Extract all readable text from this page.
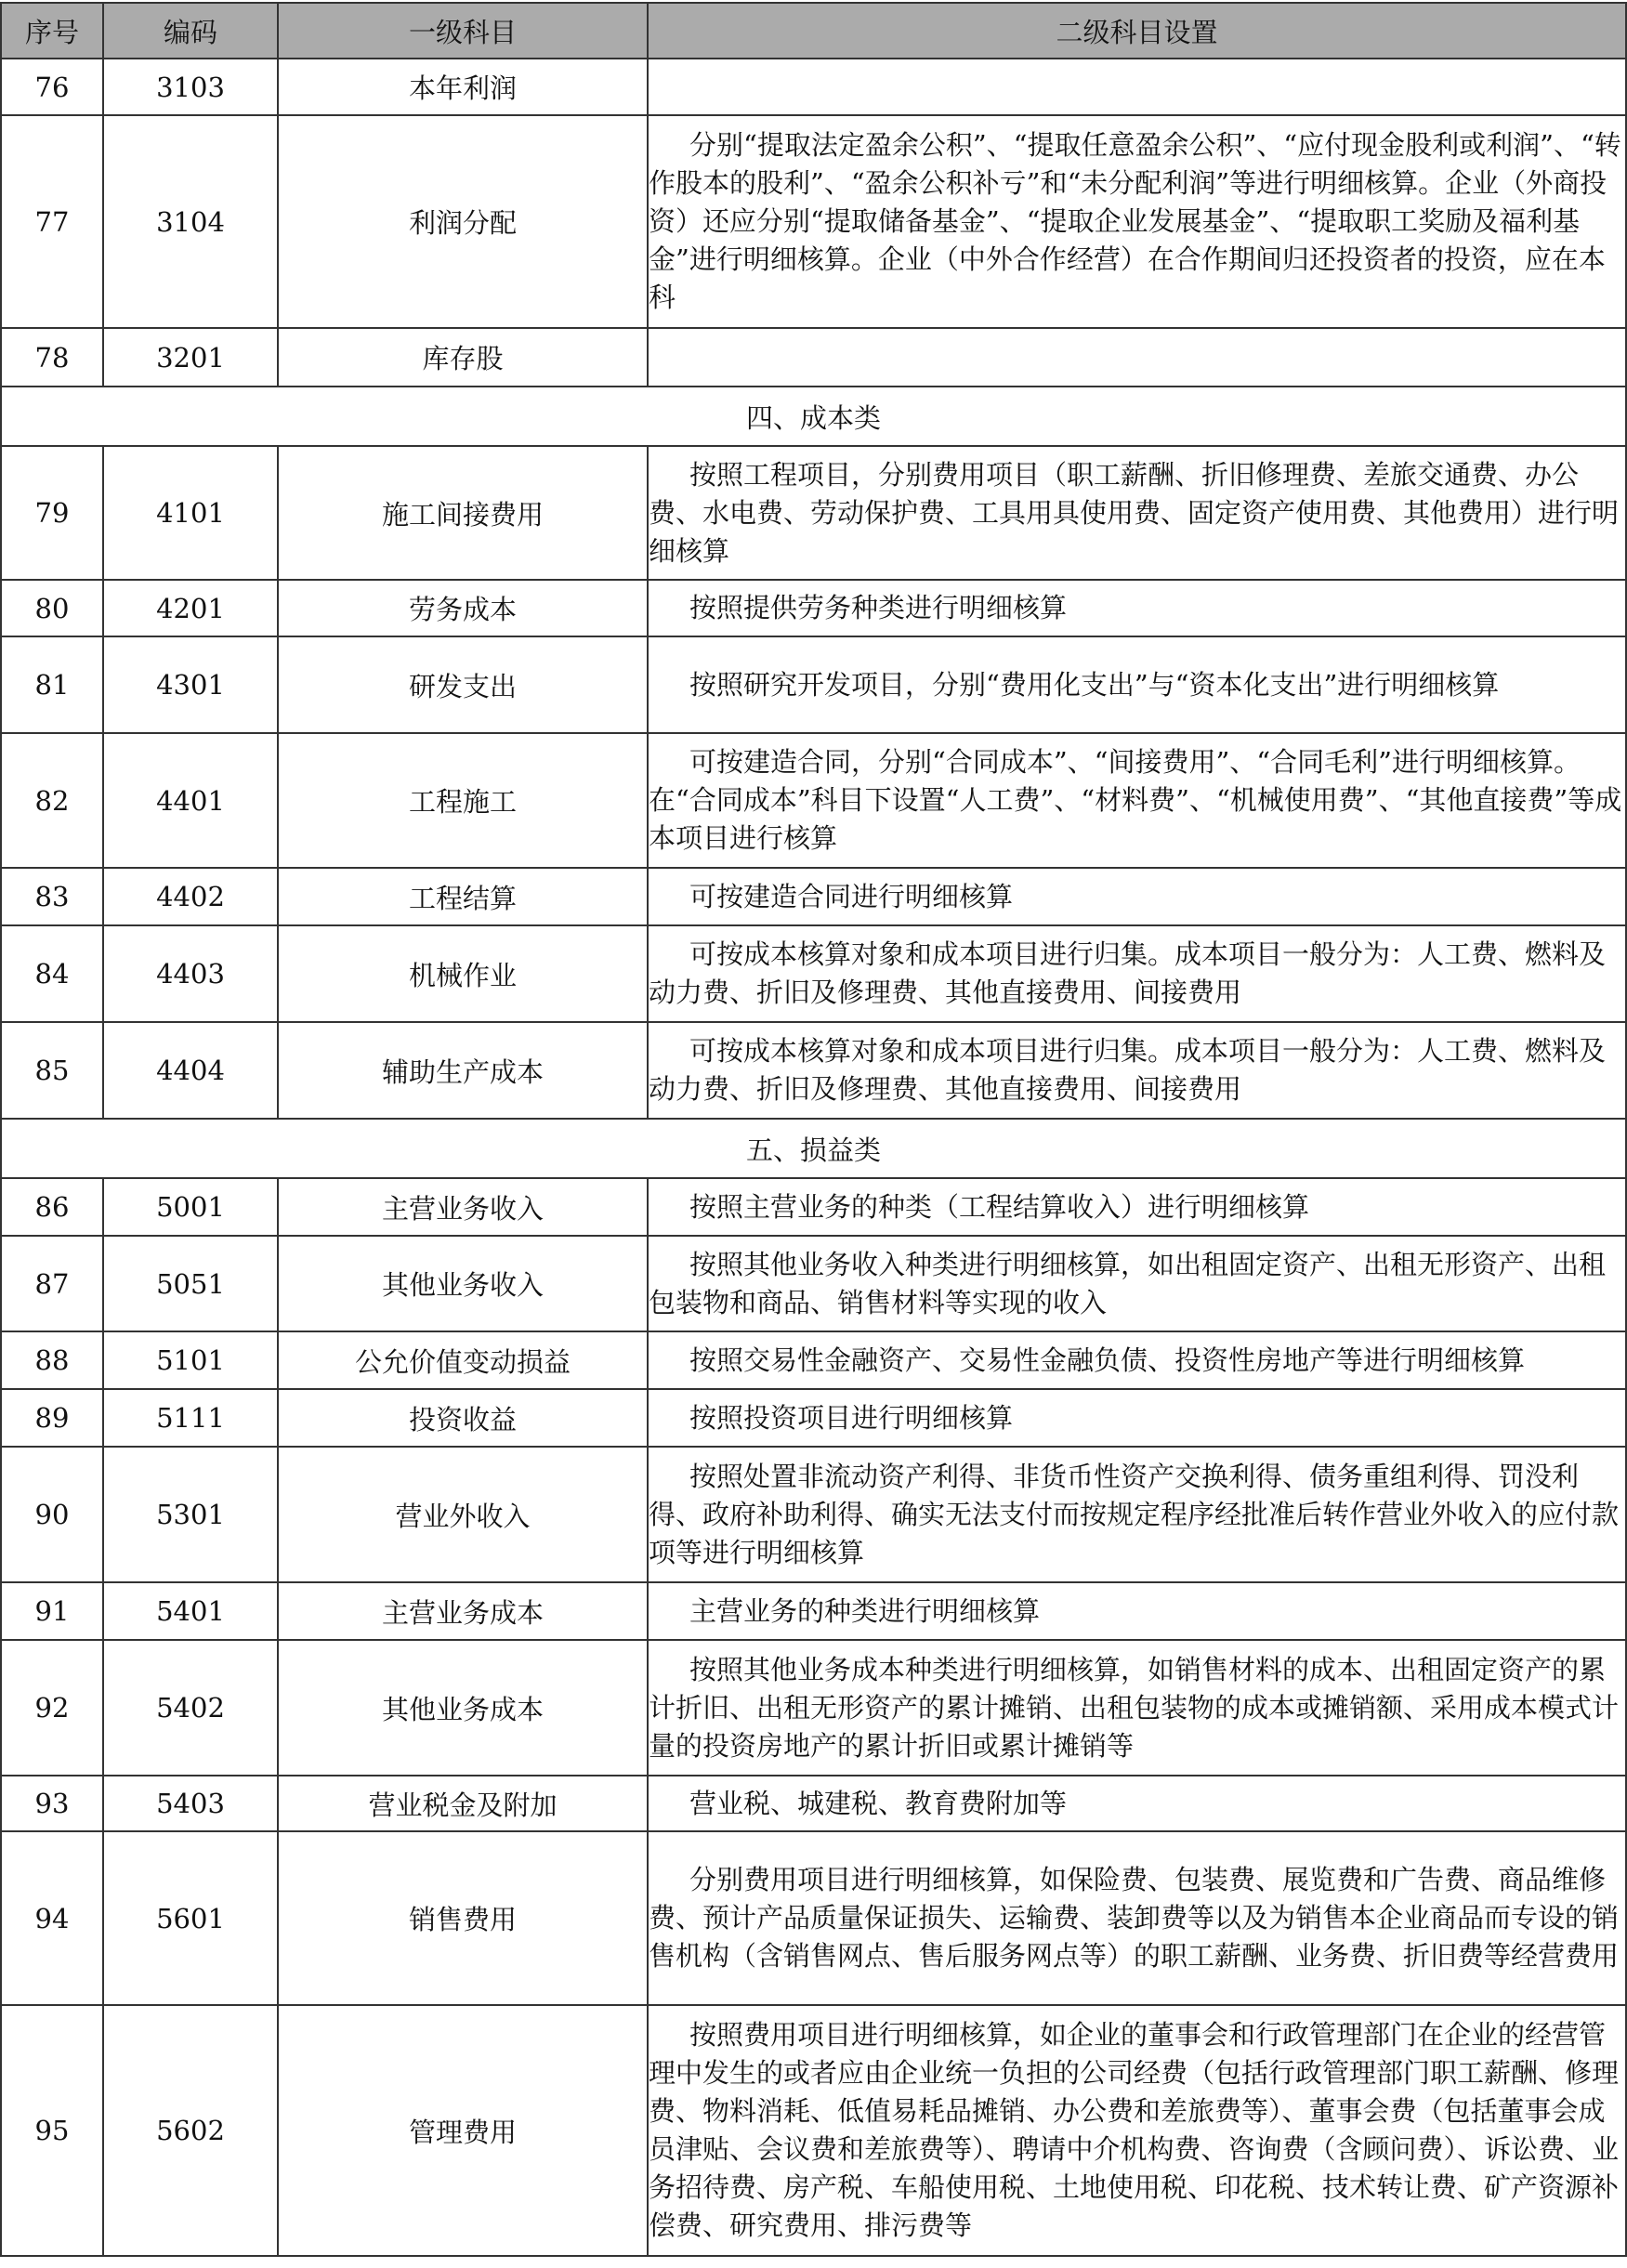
序号	编码	一级科目	二级科目设置
76	3103	本年利润	
77	3104	利润分配	分别“提取法定盈余公积”、“提取任意盈余公积”、“应付现金股利或利润”、“转作股本的股利”、“盈余公积补亏”和“未分配利润”等进行明细核算。企业（外商投资）还应分别“提取储备基金”、“提取企业发展基金”、“提取职工奖励及福利基金”进行明细核算。企业（中外合作经营）在合作期间归还投资者的投资，应在本科
78	3201	库存股	
四、成本类			
79	4101	施工间接费用	按照工程项目，分别费用项目（职工薪酬、折旧修理费、差旅交通费、办公费、水电费、劳动保护费、工具用具使用费、固定资产使用费、其他费用）进行明细核算
80	4201	劳务成本	按照提供劳务种类进行明细核算
81	4301	研发支出	按照研究开发项目，分别“费用化支出”与“资本化支出”进行明细核算
82	4401	工程施工	可按建造合同，分别“合同成本”、“间接费用”、“合同毛利”进行明细核算。在“合同成本”科目下设置“人工费”、“材料费”、“机械使用费”、“其他直接费”等成本项目进行核算
83	4402	工程结算	可按建造合同进行明细核算
84	4403	机械作业	可按成本核算对象和成本项目进行归集。成本项目一般分为：人工费、燃料及动力费、折旧及修理费、其他直接费用、间接费用
85	4404	辅助生产成本	可按成本核算对象和成本项目进行归集。成本项目一般分为：人工费、燃料及动力费、折旧及修理费、其他直接费用、间接费用
五、损益类			
86	5001	主营业务收入	按照主营业务的种类（工程结算收入）进行明细核算
87	5051	其他业务收入	按照其他业务收入种类进行明细核算，如出租固定资产、出租无形资产、出租包装物和商品、销售材料等实现的收入
88	5101	公允价值变动损益	按照交易性金融资产、交易性金融负债、投资性房地产等进行明细核算
89	5111	投资收益	按照投资项目进行明细核算
90	5301	营业外收入	按照处置非流动资产利得、非货币性资产交换利得、债务重组利得、罚没利得、政府补助利得、确实无法支付而按规定程序经批准后转作营业外收入的应付款项等进行明细核算
91	5401	主营业务成本	主营业务的种类进行明细核算
92	5402	其他业务成本	按照其他业务成本种类进行明细核算，如销售材料的成本、出租固定资产的累计折旧、出租无形资产的累计摊销、出租包装物的成本或摊销额、采用成本模式计量的投资房地产的累计折旧或累计摊销等
93	5403	营业税金及附加	营业税、城建税、教育费附加等
94	5601	销售费用	分别费用项目进行明细核算，如保险费、包装费、展览费和广告费、商品维修费、预计产品质量保证损失、运输费、装卸费等以及为销售本企业商品而专设的销售机构（含销售网点、售后服务网点等）的职工薪酬、业务费、折旧费等经营费用
95	5602	管理费用	按照费用项目进行明细核算，如企业的董事会和行政管理部门在企业的经营管理中发生的或者应由企业统一负担的公司经费（包括行政管理部门职工薪酬、修理费、物料消耗、低值易耗品摊销、办公费和差旅费等）、董事会费（包括董事会成员津贴、会议费和差旅费等）、聘请中介机构费、咨询费（含顾问费）、诉讼费、业务招待费、房产税、车船使用税、土地使用税、印花税、技术转让费、矿产资源补偿费、研究费用、排污费等
